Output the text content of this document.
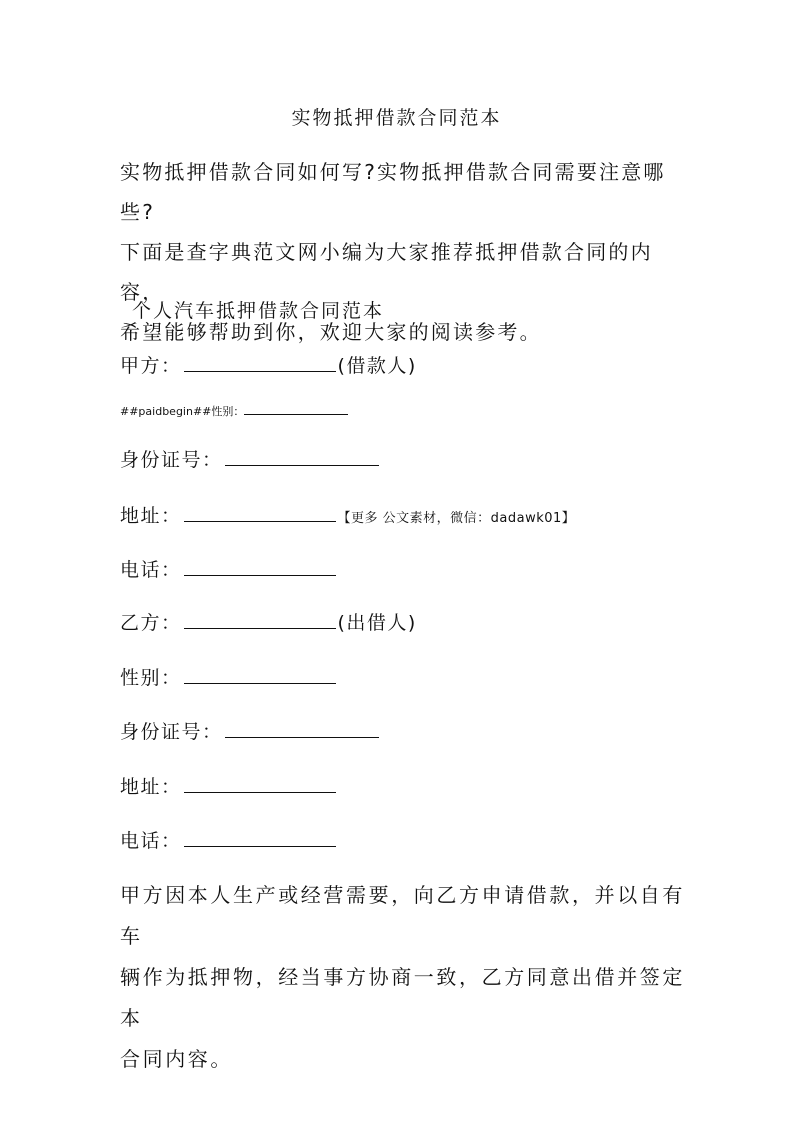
实物抵押借款合同范本

实物抵押借款合同如何写?实物抵押借款合同需要注意哪些?

下面是查字典范文网小编为大家推荐抵押借款合同的内容，

希望能够帮助到你，欢迎大家的阅读参考。

个人汽车抵押借款合同范本
甲方：	(借款人)
##paidbegin##性别：
身份证号：
地址：	【更多 公文素材，微信：dadawk01】
电话：
乙方：	(出借人)
性别：
身份证号：
地址：
电话：

甲方因本人生产或经营需要，向乙方申请借款，并以自有车

辆作为抵押物，经当事方协商一致，乙方同意出借并签定本

合同内容。
